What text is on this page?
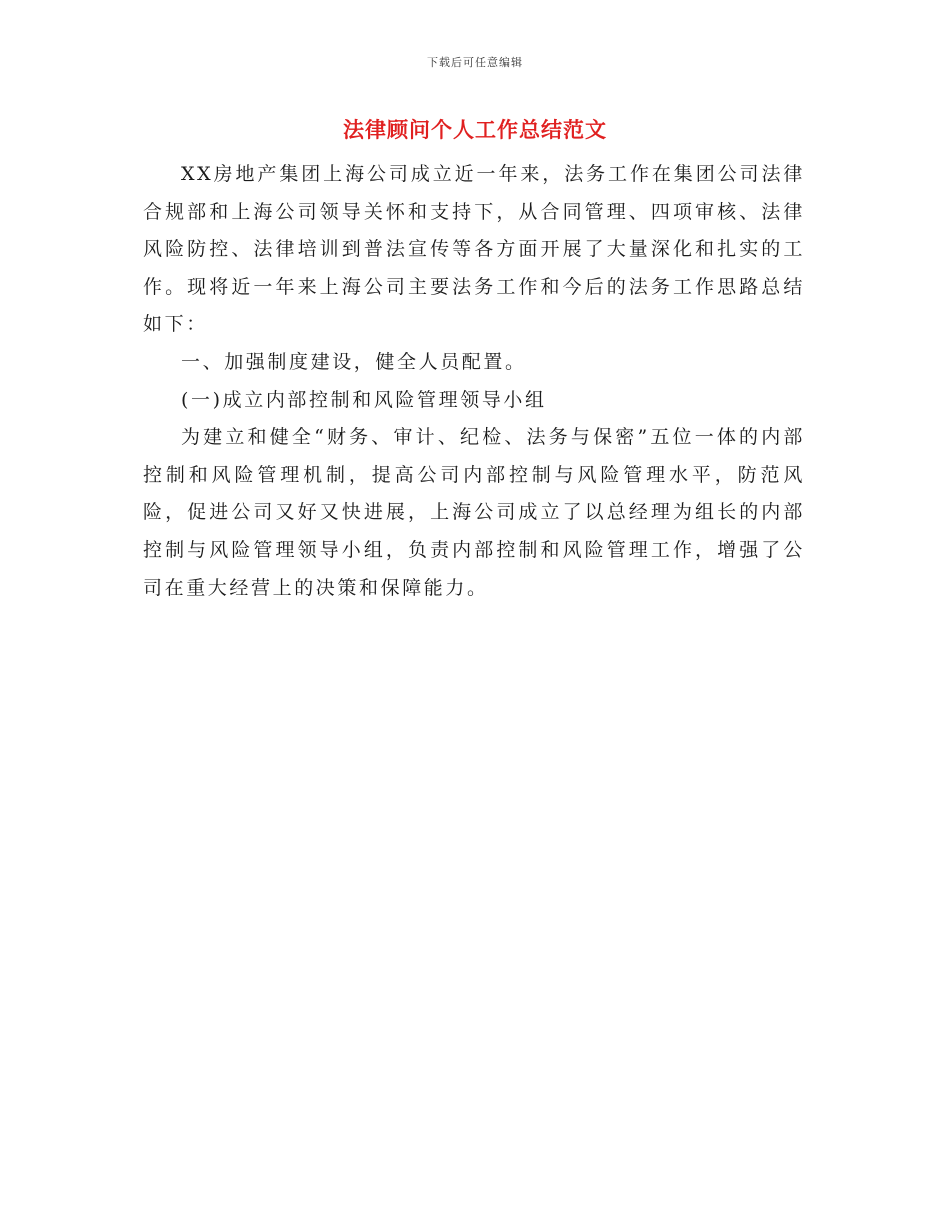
下载后可任意编辑
法律顾问个人工作总结范文

XX房地产集团上海公司成立近一年来，法务工作在集团公司法律合规部和上海公司领导关怀和支持下，从合同管理、四项审核、法律风险防控、法律培训到普法宣传等各方面开展了大量深化和扎实的工作。现将近一年来上海公司主要法务工作和今后的法务工作思路总结如下：

一、加强制度建设，健全人员配置。

(一)成立内部控制和风险管理领导小组

为建立和健全“财务、审计、纪检、法务与保密”五位一体的内部控制和风险管理机制，提高公司内部控制与风险管理水平，防范风险，促进公司又好又快进展，上海公司成立了以总经理为组长的内部控制与风险管理领导小组，负责内部控制和风险管理工作，增强了公司在重大经营上的决策和保障能力。
